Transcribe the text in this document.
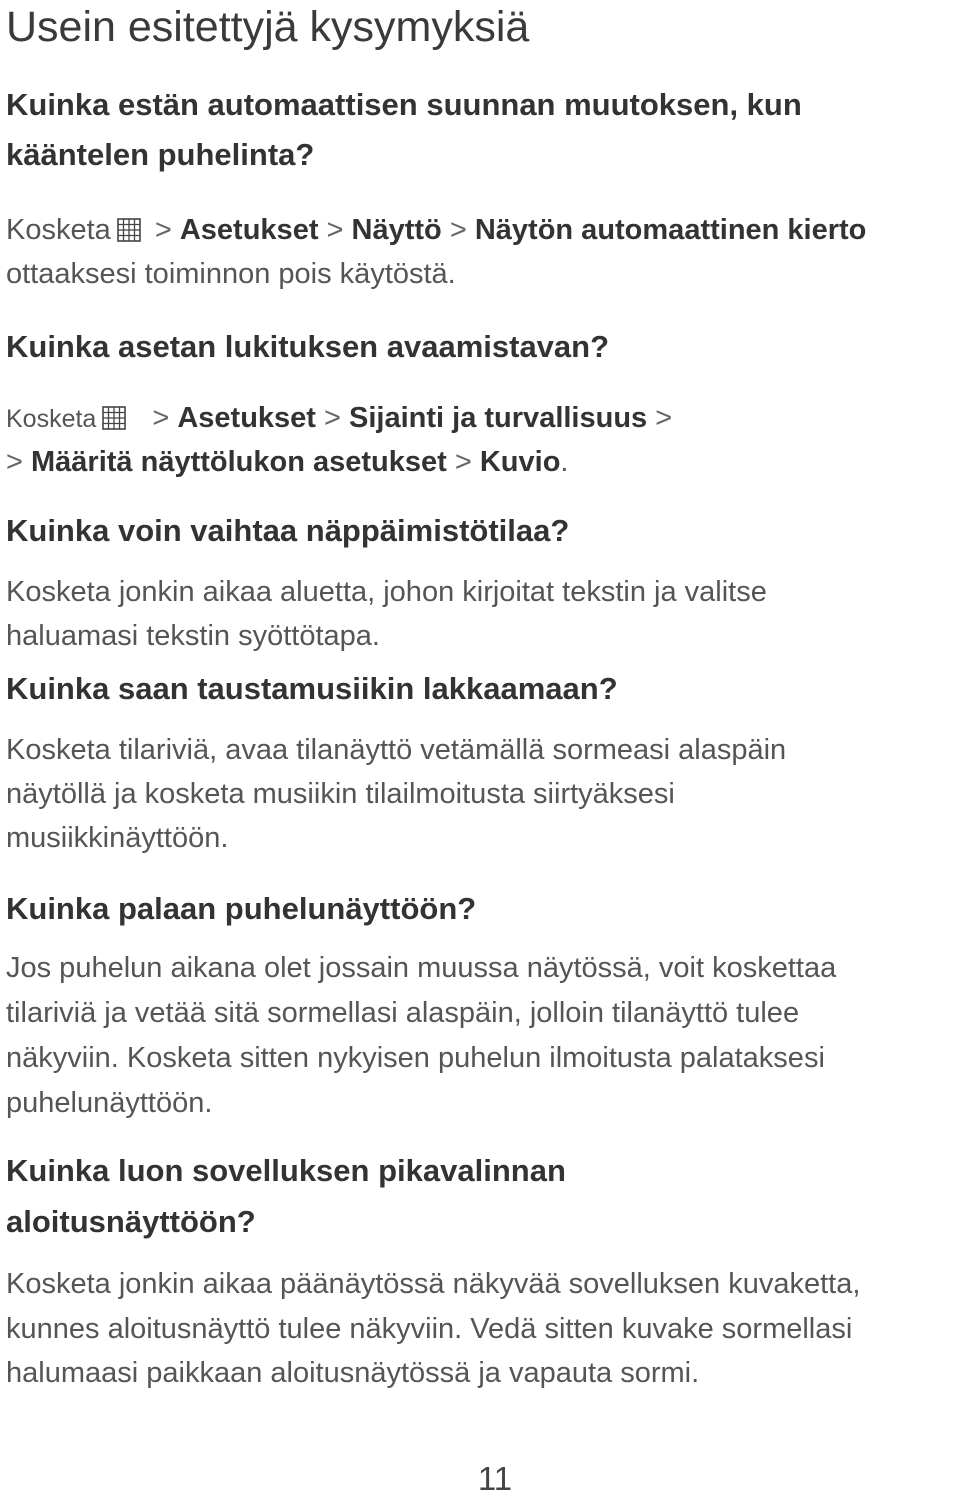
Usein esitettyjä kysymyksiä
Kuinka estän automaattisen suunnan muutoksen, kun
kääntelen puhelinta?
Kosketa > Asetukset > Näyttö > Näytön automaattinen kierto
ottaaksesi toiminnon pois käytöstä.
Kuinka asetan lukituksen avaamistavan?
Kosketa > Asetukset > Sijainti ja turvallisuus >
> Määritä näyttölukon asetukset > Kuvio.
Kuinka voin vaihtaa näppäimistötilaa?
Kosketa jonkin aikaa aluetta, johon kirjoitat tekstin ja valitse
haluamasi tekstin syöttötapa.
Kuinka saan taustamusiikin lakkaamaan?
Kosketa tilariviä, avaa tilanäyttö vetämällä sormeasi alaspäin
näytöllä ja kosketa musiikin tilailmoitusta siirtyäksesi
musiikkinäyttöön.
Kuinka palaan puhelunäyttöön?
Jos puhelun aikana olet jossain muussa näytössä, voit koskettaa
tilariviä ja vetää sitä sormellasi alaspäin, jolloin tilanäyttö tulee
näkyviin. Kosketa sitten nykyisen puhelun ilmoitusta palataksesi
puhelunäyttöön.
Kuinka luon sovelluksen pikavalinnan
aloitusnäyttöön?
Kosketa jonkin aikaa päänäytössä näkyvää sovelluksen kuvaketta,
kunnes aloitusnäyttö tulee näkyviin. Vedä sitten kuvake sormellasi
halumaasi paikkaan aloitusnäytössä ja vapauta sormi.
11
